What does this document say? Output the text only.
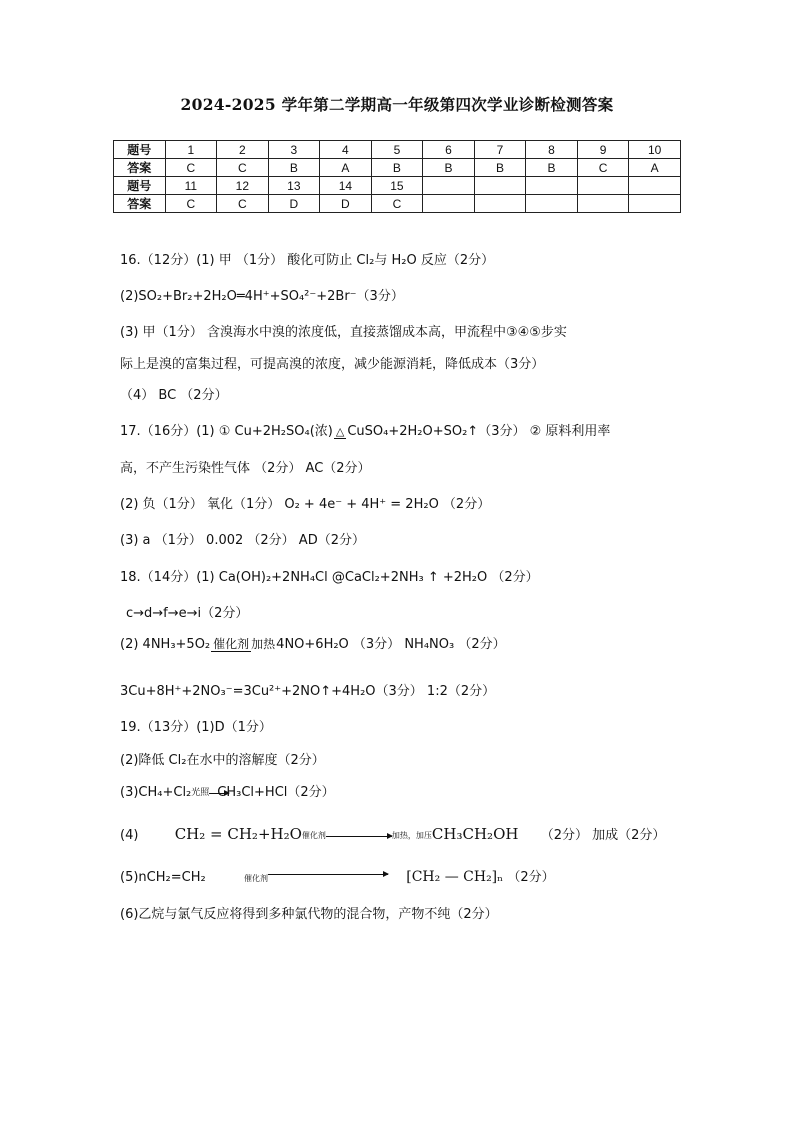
2024-2025 学年第二学期高一年级第四次学业诊断检测答案
题号	1	2	3	4	5	6	7	8	9	10
答案	C	C	B	A	B	B	B	B	C	A
题号	11	12	13	14	15					
答案	C	C	D	D	C					
16.（12分）(1) 甲 （1分） 酸化可防止 Cl₂与 H₂O 反应（2分）
(2)SO₂+Br₂+2H₂O═4H⁺+SO₄²⁻+2Br⁻（3分）
(3) 甲（1分） 含溴海水中溴的浓度低，直接蒸馏成本高，甲流程中③④⑤步实
际上是溴的富集过程，可提高溴的浓度，减少能源消耗，降低成本（3分）
（4） BC （2分）
17.（16分）(1) ① Cu+2H₂SO₄(浓) △ CuSO₄+2H₂O+SO₂↑（3分） ② 原料利用率
高，不产生污染性气体 （2分） AC（2分）
(2) 负（1分） 氧化（1分） O₂ + 4e⁻ + 4H⁺ = 2H₂O （2分）
(3) a （1分） 0.002 （2分） AD（2分）
18.（14分）(1) Ca(OH)₂+2NH₄Cl @CaCl₂+2NH₃ ↑ +2H₂O （2分）
c→d→f→e→i（2分）
(2) 4NH₃+5O₂ 催化剂 加热4NO+6H₂O （3分） NH₄NO₃ （2分）
3Cu+8H⁺+2NO₃⁻=3Cu²⁺+2NO↑+4H₂O（3分） 1:2（2分）
19.（13分）(1)D（1分）
(2)降低 Cl₂在水中的溶解度（2分）
(3)CH₄+Cl₂光照 CH₃Cl+HCl（2分）
(4) CH₂ = CH₂+H₂O催化剂	加热，加压CH₃CH₂OH （2分） 加成（2分）
(5)nCH₂=CH₂	催化剂	[CH₂ — CH₂]ₙ （2分）
(6)乙烷与氯气反应将得到多种氯代物的混合物，产物不纯（2分）
